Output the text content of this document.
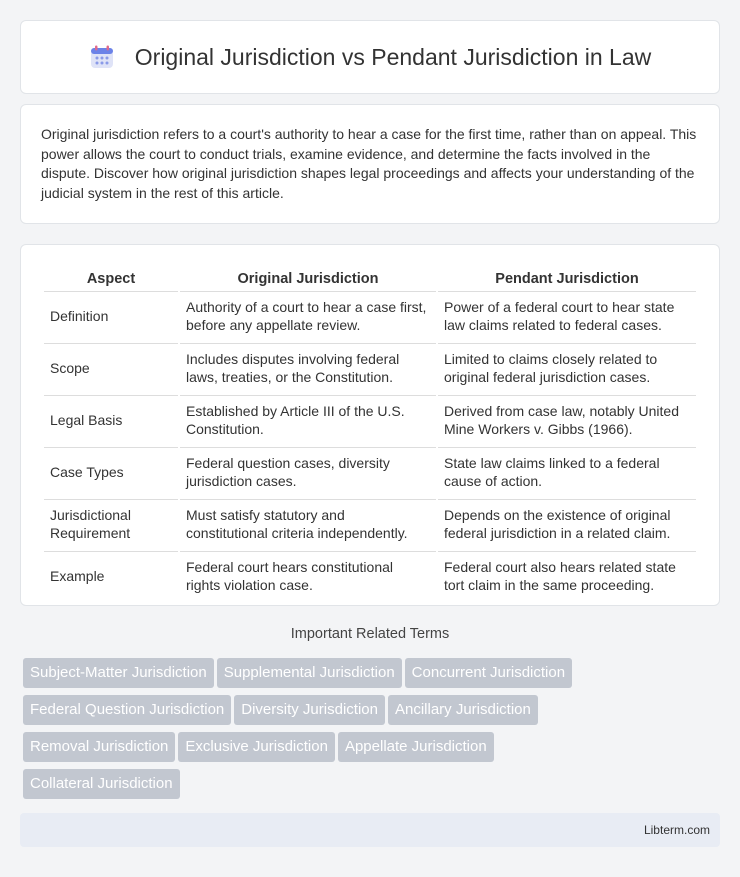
Original Jurisdiction vs Pendant Jurisdiction in Law

Original jurisdiction refers to a court's authority to hear a case for the first time, rather than on appeal. This power allows the court to conduct trials, examine evidence, and determine the facts involved in the dispute. Discover how original jurisdiction shapes legal proceedings and affects your understanding of the judicial system in the rest of this article.

Aspect	Original Jurisdiction	Pendant Jurisdiction
Definition	Authority of a court to hear a case first, before any appellate review.	Power of a federal court to hear state law claims related to federal cases.
Scope	Includes disputes involving federal laws, treaties, or the Constitution.	Limited to claims closely related to original federal jurisdiction cases.
Legal Basis	Established by Article III of the U.S. Constitution.	Derived from case law, notably United Mine Workers v. Gibbs (1966).
Case Types	Federal question cases, diversity jurisdiction cases.	State law claims linked to a federal cause of action.
Jurisdictional Requirement	Must satisfy statutory and constitutional criteria independently.	Depends on the existence of original federal jurisdiction in a related claim.
Example	Federal court hears constitutional rights violation case.	Federal court also hears related state tort claim in the same proceeding.
Important Related Terms
Subject-Matter Jurisdiction Supplemental Jurisdiction Concurrent Jurisdiction
Federal Question Jurisdiction Diversity Jurisdiction Ancillary Jurisdiction
Removal Jurisdiction Exclusive Jurisdiction Appellate Jurisdiction
Collateral Jurisdiction
Libterm.com
